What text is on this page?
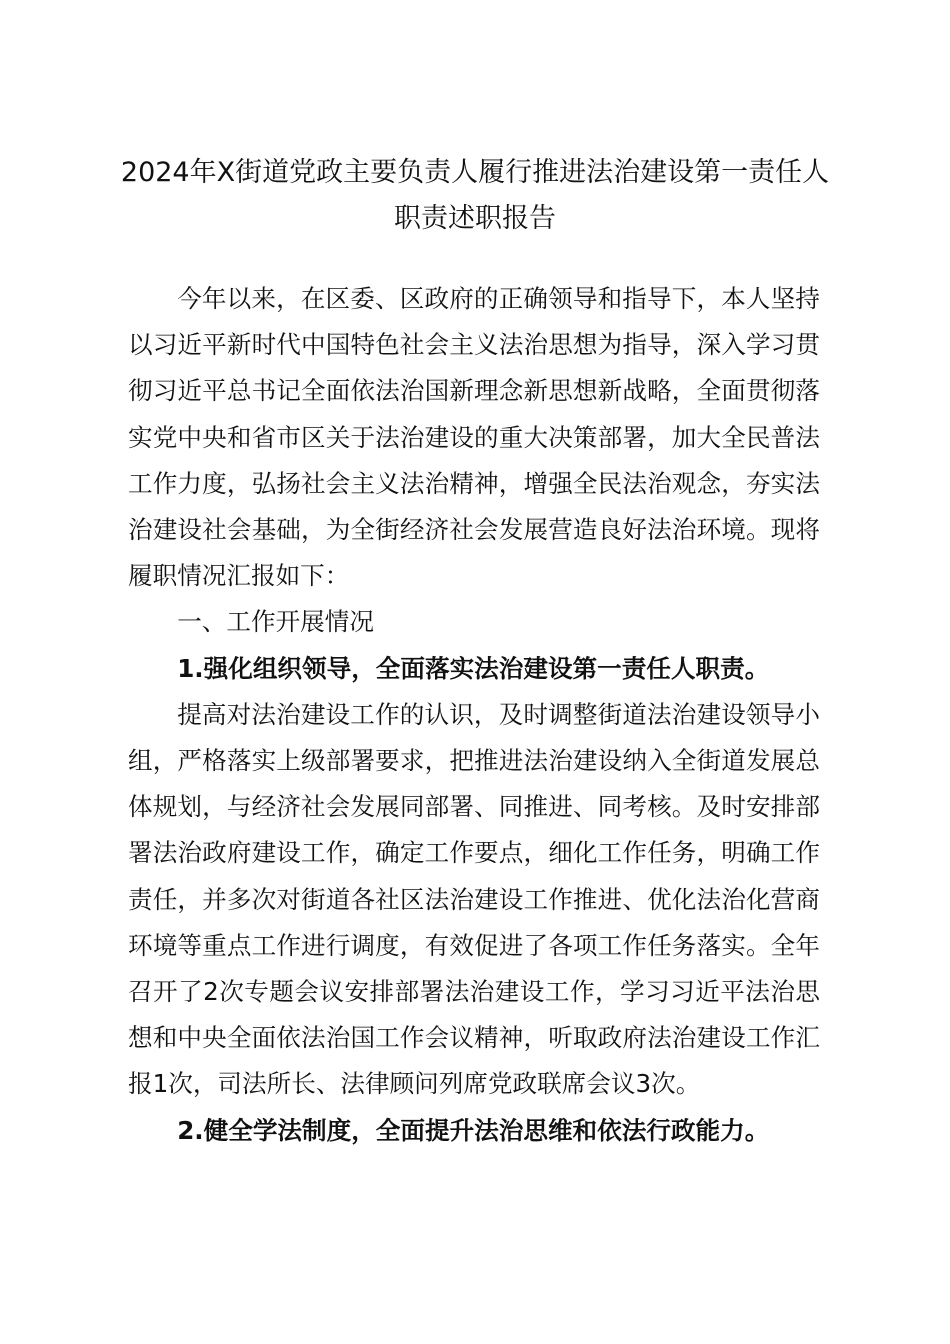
2024年X街道党政主要负责人履行推进法治建设第一责任人职责述职报告

今年以来，在区委、区政府的正确领导和指导下，本人坚持以习近平新时代中国特色社会主义法治思想为指导，深入学习贯彻习近平总书记全面依法治国新理念新思想新战略，全面贯彻落实党中央和省市区关于法治建设的重大决策部署，加大全民普法工作力度，弘扬社会主义法治精神，增强全民法治观念，夯实法治建设社会基础，为全街经济社会发展营造良好法治环境。现将履职情况汇报如下：

一、工作开展情况

1.强化组织领导，全面落实法治建设第一责任人职责。

提高对法治建设工作的认识，及时调整街道法治建设领导小组，严格落实上级部署要求，把推进法治建设纳入全街道发展总体规划，与经济社会发展同部署、同推进、同考核。及时安排部署法治政府建设工作，确定工作要点，细化工作任务，明确工作责任，并多次对街道各社区法治建设工作推进、优化法治化营商环境等重点工作进行调度，有效促进了各项工作任务落实。全年召开了2次专题会议安排部署法治建设工作，学习习近平法治思想和中央全面依法治国工作会议精神，听取政府法治建设工作汇报1次，司法所长、法律顾问列席党政联席会议3次。

2.健全学法制度，全面提升法治思维和依法行政能力。
